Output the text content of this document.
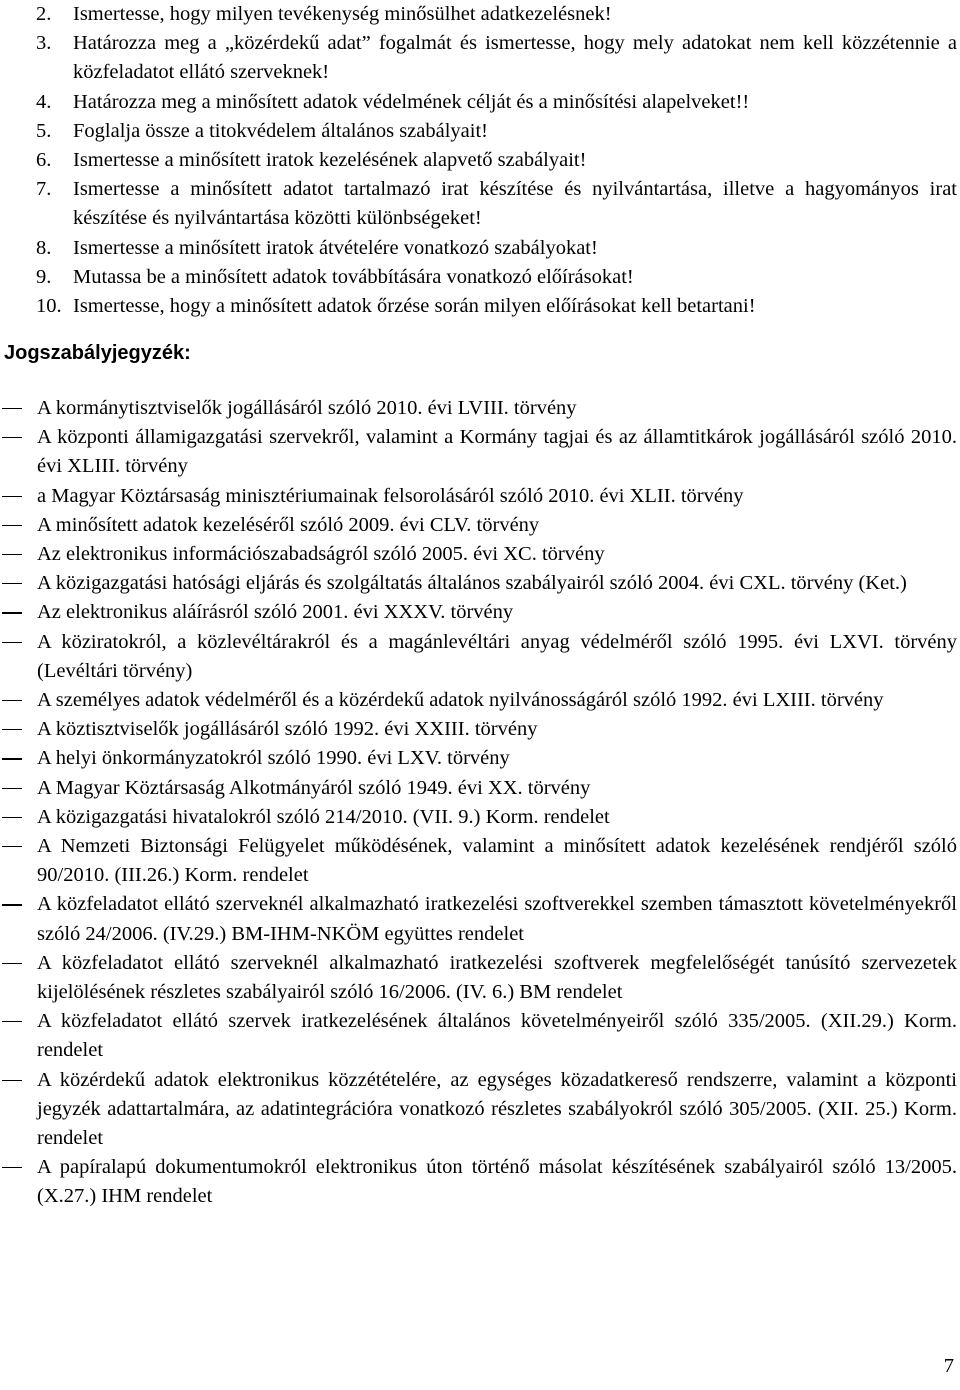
2.	Ismertesse, hogy milyen tevékenység minősülhet adatkezelésnek!
3.	Határozza meg a „közérdekű adat” fogalmát és ismertesse, hogy mely adatokat nem kell közzétennie a közfeladatot ellátó szerveknek!
4.	Határozza meg a minősített adatok védelmének célját és a minősítési alapelveket!!
5.	Foglalja össze a titokvédelem általános szabályait!
6.	Ismertesse a minősített iratok kezelésének alapvető szabályait!
7.	Ismertesse a minősített adatot tartalmazó irat készítése és nyilvántartása, illetve a hagyományos irat készítése és nyilvántartása közötti különbségeket!
8.	Ismertesse a minősített iratok átvételére vonatkozó szabályokat!
9.	Mutassa be a minősített adatok továbbítására vonatkozó előírásokat!
10. Ismertesse, hogy a minősített adatok őrzése során milyen előírásokat kell betartani!
Jogszabályjegyzék:
A kormánytisztviselők jogállásáról szóló 2010. évi LVIII. törvény
A központi államigazgatási szervekről, valamint a Kormány tagjai és az államtitkárok jogállásáról szóló 2010. évi XLIII. törvény
a Magyar Köztársaság minisztériumainak felsorolásáról szóló 2010. évi XLII. törvény
A minősített adatok kezeléséről szóló 2009. évi CLV. törvény
Az elektronikus információszabadságról szóló 2005. évi XC. törvény
A közigazgatási hatósági eljárás és szolgáltatás általános szabályairól szóló 2004. évi CXL. törvény (Ket.)
Az elektronikus aláírásról szóló 2001. évi XXXV. törvény
A köziratokról, a közlevéltárakról és a magánlevéltári anyag védelméről szóló 1995. évi LXVI. törvény (Levéltári törvény)
A személyes adatok védelméről és a közérdekű adatok nyilvánosságáról szóló 1992. évi LXIII. törvény
A köztisztviselők jogállásáról szóló 1992. évi XXIII. törvény
A helyi önkormányzatokról szóló 1990. évi LXV. törvény
A Magyar Köztársaság Alkotmányáról szóló 1949. évi XX. törvény
A közigazgatási hivatalokról szóló 214/2010. (VII. 9.) Korm. rendelet
A Nemzeti Biztonsági Felügyelet működésének, valamint a minősített adatok kezelésének rendjéről szóló 90/2010. (III.26.) Korm. rendelet
A közfeladatot ellátó szerveknél alkalmazható iratkezelési szoftverekkel szemben támasztott követelményekről szóló 24/2006. (IV.29.) BM-IHM-NKÖM együttes rendelet
A közfeladatot ellátó szerveknél alkalmazható iratkezelési szoftverek megfelelőségét tanúsító szervezetek kijelölésének részletes szabályairól szóló 16/2006. (IV. 6.) BM rendelet
A közfeladatot ellátó szervek iratkezelésének általános követelményeiről szóló 335/2005. (XII.29.) Korm. rendelet
A közérdekű adatok elektronikus közzétételére, az egységes közadatkereső rendszerre, valamint a központi jegyzék adattartalmára, az adatintegrációra vonatkozó részletes szabályokról szóló 305/2005. (XII. 25.) Korm. rendelet
A papíralapú dokumentumokról elektronikus úton történő másolat készítésének szabályairól szóló 13/2005. (X.27.) IHM rendelet
7
